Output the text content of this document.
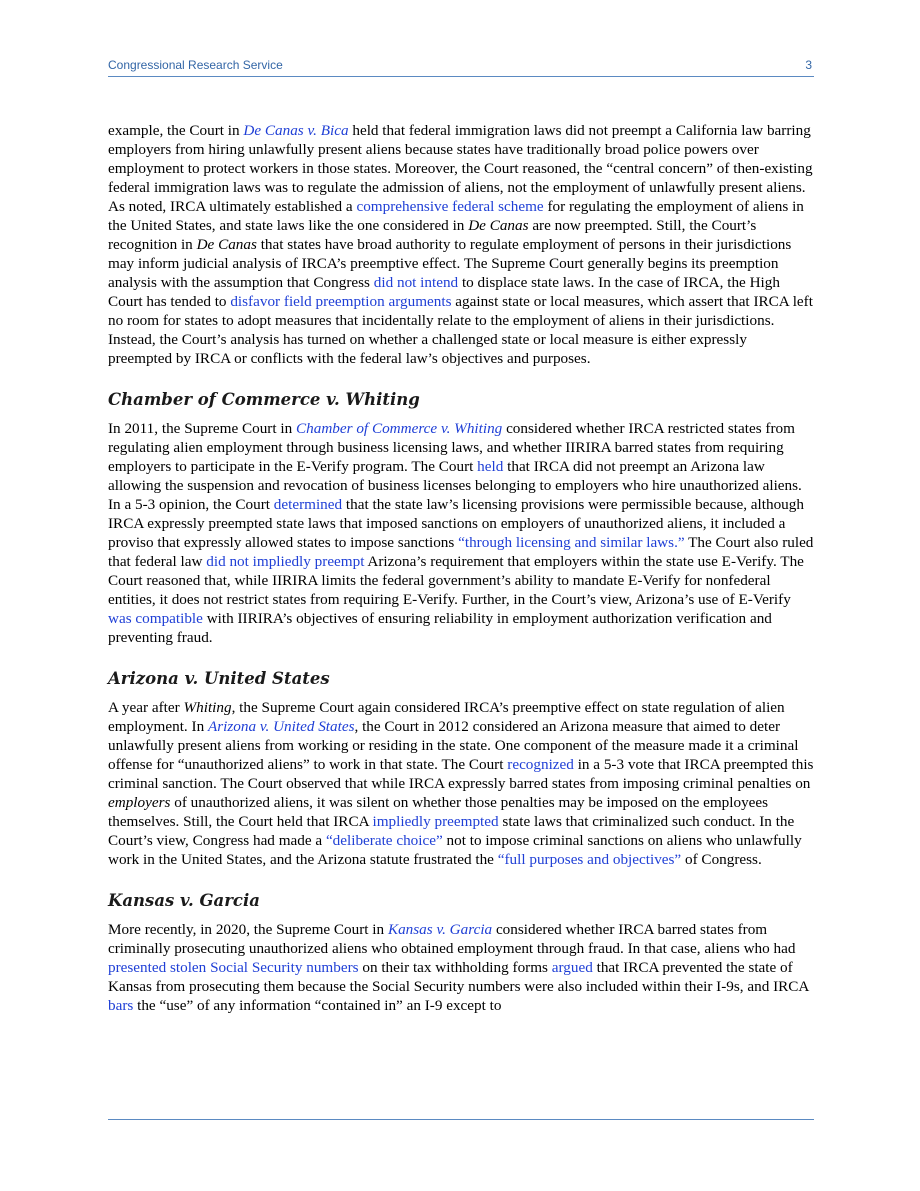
Congressional Research Service	3

example, the Court in De Canas v. Bica held that federal immigration laws did not preempt a California law barring employers from hiring unlawfully present aliens because states have traditionally broad police powers over employment to protect workers in those states. Moreover, the Court reasoned, the “central concern” of then-existing federal immigration laws was to regulate the admission of aliens, not the employment of unlawfully present aliens. As noted, IRCA ultimately established a comprehensive federal scheme for regulating the employment of aliens in the United States, and state laws like the one considered in De Canas are now preempted. Still, the Court’s recognition in De Canas that states have broad authority to regulate employment of persons in their jurisdictions may inform judicial analysis of IRCA’s preemptive effect. The Supreme Court generally begins its preemption analysis with the assumption that Congress did not intend to displace state laws. In the case of IRCA, the High Court has tended to disfavor field preemption arguments against state or local measures, which assert that IRCA left no room for states to adopt measures that incidentally relate to the employment of aliens in their jurisdictions. Instead, the Court’s analysis has turned on whether a challenged state or local measure is either expressly preempted by IRCA or conflicts with the federal law’s objectives and purposes.

Chamber of Commerce v. Whiting

In 2011, the Supreme Court in Chamber of Commerce v. Whiting considered whether IRCA restricted states from regulating alien employment through business licensing laws, and whether IIRIRA barred states from requiring employers to participate in the E-Verify program. The Court held that IRCA did not preempt an Arizona law allowing the suspension and revocation of business licenses belonging to employers who hire unauthorized aliens. In a 5-3 opinion, the Court determined that the state law’s licensing provisions were permissible because, although IRCA expressly preempted state laws that imposed sanctions on employers of unauthorized aliens, it included a proviso that expressly allowed states to impose sanctions “through licensing and similar laws.” The Court also ruled that federal law did not impliedly preempt Arizona’s requirement that employers within the state use E-Verify. The Court reasoned that, while IIRIRA limits the federal government’s ability to mandate E-Verify for nonfederal entities, it does not restrict states from requiring E-Verify. Further, in the Court’s view, Arizona’s use of E-Verify was compatible with IIRIRA’s objectives of ensuring reliability in employment authorization verification and preventing fraud.

Arizona v. United States

A year after Whiting, the Supreme Court again considered IRCA’s preemptive effect on state regulation of alien employment. In Arizona v. United States, the Court in 2012 considered an Arizona measure that aimed to deter unlawfully present aliens from working or residing in the state. One component of the measure made it a criminal offense for “unauthorized aliens” to work in that state. The Court recognized in a 5-3 vote that IRCA preempted this criminal sanction. The Court observed that while IRCA expressly barred states from imposing criminal penalties on employers of unauthorized aliens, it was silent on whether those penalties may be imposed on the employees themselves. Still, the Court held that IRCA impliedly preempted state laws that criminalized such conduct. In the Court’s view, Congress had made a “deliberate choice” not to impose criminal sanctions on aliens who unlawfully work in the United States, and the Arizona statute frustrated the “full purposes and objectives” of Congress.

Kansas v. Garcia

More recently, in 2020, the Supreme Court in Kansas v. Garcia considered whether IRCA barred states from criminally prosecuting unauthorized aliens who obtained employment through fraud. In that case, aliens who had presented stolen Social Security numbers on their tax withholding forms argued that IRCA prevented the state of Kansas from prosecuting them because the Social Security numbers were also included within their I-9s, and IRCA bars the “use” of any information “contained in” an I-9 except to
